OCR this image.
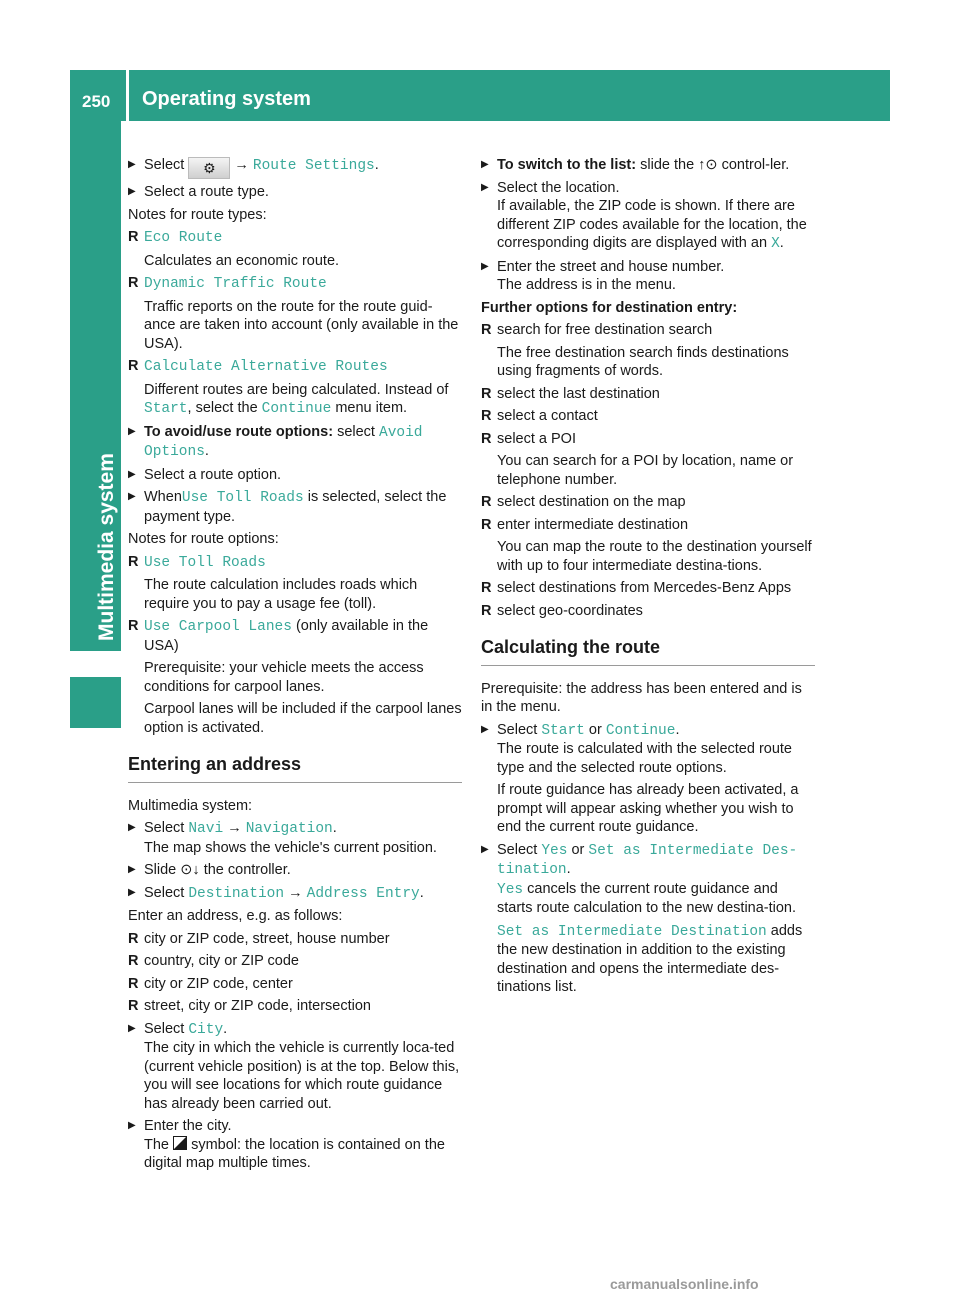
250 Operating system
Multimedia system

▶ Select ⚙ → Route Settings.

▶ Select a route type.

Notes for route types:

R Eco Route

Calculates an economic route.

R Dynamic Traffic Route

Traffic reports on the route for the route guid-ance are taken into account (only available in the USA).

R Calculate Alternative Routes

Different routes are being calculated. Instead of Start, select the Continue menu item.

▶ To avoid/use route options: select Avoid Options.

▶ Select a route option.

▶ WhenUse Toll Roads is selected, select the payment type.

Notes for route options:

R Use Toll Roads

The route calculation includes roads which require you to pay a usage fee (toll).

R Use Carpool Lanes (only available in the USA)

Prerequisite: your vehicle meets the access conditions for carpool lanes.

Carpool lanes will be included if the carpool lanes option is activated.

Entering an address

Multimedia system:

▶ Select Navi → Navigation.
The map shows the vehicle's current position.

▶ Slide ⊙↓ the controller.

▶ Select Destination → Address Entry.

Enter an address, e.g. as follows:

R city or ZIP code, street, house number

R country, city or ZIP code

R city or ZIP code, center

R street, city or ZIP code, intersection

▶ Select City.
The city in which the vehicle is currently loca-ted (current vehicle position) is at the top. Below this, you will see locations for which route guidance has already been carried out.

▶ Enter the city.
The symbol: the location is contained on the digital map multiple times.

▶ To switch to the list: slide the ↑⊙ control-ler.

▶ Select the location.
If available, the ZIP code is shown. If there are different ZIP codes available for the location, the corresponding digits are displayed with an X.

▶ Enter the street and house number.
The address is in the menu.

Further options for destination entry:

R search for free destination search

The free destination search finds destinations using fragments of words.

R select the last destination

R select a contact

R select a POI

You can search for a POI by location, name or telephone number.

R select destination on the map

R enter intermediate destination

You can map the route to the destination yourself with up to four intermediate destina-tions.

R select destinations from Mercedes-Benz Apps

R select geo-coordinates

Calculating the route

Prerequisite: the address has been entered and is in the menu.

▶ Select Start or Continue.
The route is calculated with the selected route type and the selected route options.

If route guidance has already been activated, a prompt will appear asking whether you wish to end the current route guidance.

▶ Select Yes or Set as Intermediate Des‐tination.
Yes cancels the current route guidance and starts route calculation to the new destina-tion.

Set as Intermediate Destination adds the new destination in addition to the existing destination and opens the intermediate des-tinations list.

carmanualsonline.info
